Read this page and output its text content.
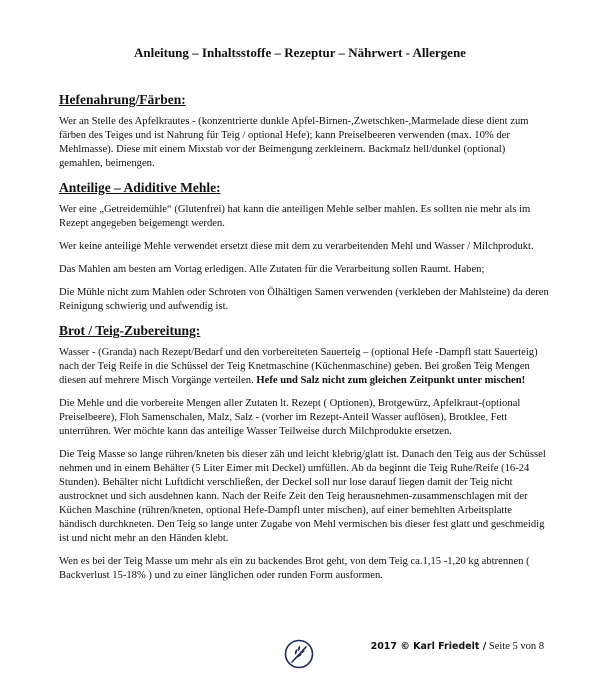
Anleitung – Inhaltsstoffe – Rezeptur – Nährwert - Allergene
Hefenahrung/Färben:

Wer an Stelle des Apfelkrautes - (konzentrierte dunkle Apfel-Birnen-,Zwetschken-,Marmelade diese dient zum färben des Teiges und ist Nahrung für Teig / optional Hefe); kann Preiselbeeren verwenden (max. 10% der Mehlmasse). Diese mit einem Mixstab vor der Beimengung zerkleinern. Backmalz hell/dunkel (optional) gemahlen, beimengen.

Anteilige – Adiditive Mehle:

Wer eine „Getreidemühle“ (Glutenfrei) hat kann die anteiligen Mehle selber mahlen. Es sollten nie mehr als im Rezept angegeben beigemengt werden.

Wer keine anteilige Mehle verwendet ersetzt diese mit dem zu verarbeitenden Mehl und Wasser / Milchprodukt.

Das Mahlen am besten am Vortag erledigen. Alle Zutaten für die Verarbeitung sollen Raumt. Haben;

Die Mühle nicht zum Mahlen oder Schroten von Ölhältigen Samen verwenden (verkleben der Mahlsteine) da deren Reinigung schwierig und aufwendig ist.

Brot / Teig-Zubereitung:

Wasser - (Granda) nach Rezept/Bedarf und den vorbereiteten Sauerteig – (optional Hefe -Dampfl statt Sauerteig) nach der Teig Reife in die Schüssel der Teig Knetmaschine (Küchenmaschine) geben. Bei großen Teig Mengen diesen auf mehrere Misch Vorgänge verteilen. Hefe und Salz nicht zum gleichen Zeitpunkt unter mischen!

Die Mehle und die vorbereite Mengen aller Zutaten lt. Rezept ( Optionen), Brotgewürz, Apfelkraut-(optional Preiselbeere), Floh Samenschalen, Malz, Salz - (vorher im Rezept-Anteil Wasser auflösen), Brotklee, Fett unterrühren. Wer möchte kann das anteilige Wasser Teilweise durch Milchprodukte ersetzen.

Die Teig Masse so lange rühren/kneten bis dieser zäh und leicht klebrig/glatt ist. Danach den Teig aus der Schüssel nehmen und in einem Behälter (5 Liter Eimer mit Deckel) umfüllen. Ab da beginnt die Teig Ruhe/Reife (16-24 Stunden). Behälter nicht Luftdicht verschließen, der Deckel soll nur lose darauf liegen damit der Teig nicht austrocknet und sich ausdehnen kann. Nach der Reife Zeit den Teig herausnehmen-zusammenschlagen mit der Küchen Maschine (rühren/kneten, optional Hefe-Dampfl unter mischen), auf einer bemehlten Arbeitsplatte händisch durchkneten. Den Teig so lange unter Zugabe von Mehl vermischen bis dieser fest glatt und geschmeidig ist und nicht mehr an den Händen klebt.

Wen es bei der Teig Masse um mehr als ein zu backendes Brot geht, von dem Teig ca.1,15 -1,20 kg abtrennen ( Backverlust 15-18% ) und zu einer länglichen oder runden Form ausformen.

2017 © Karl Friedelt / Seite 5 von 8
